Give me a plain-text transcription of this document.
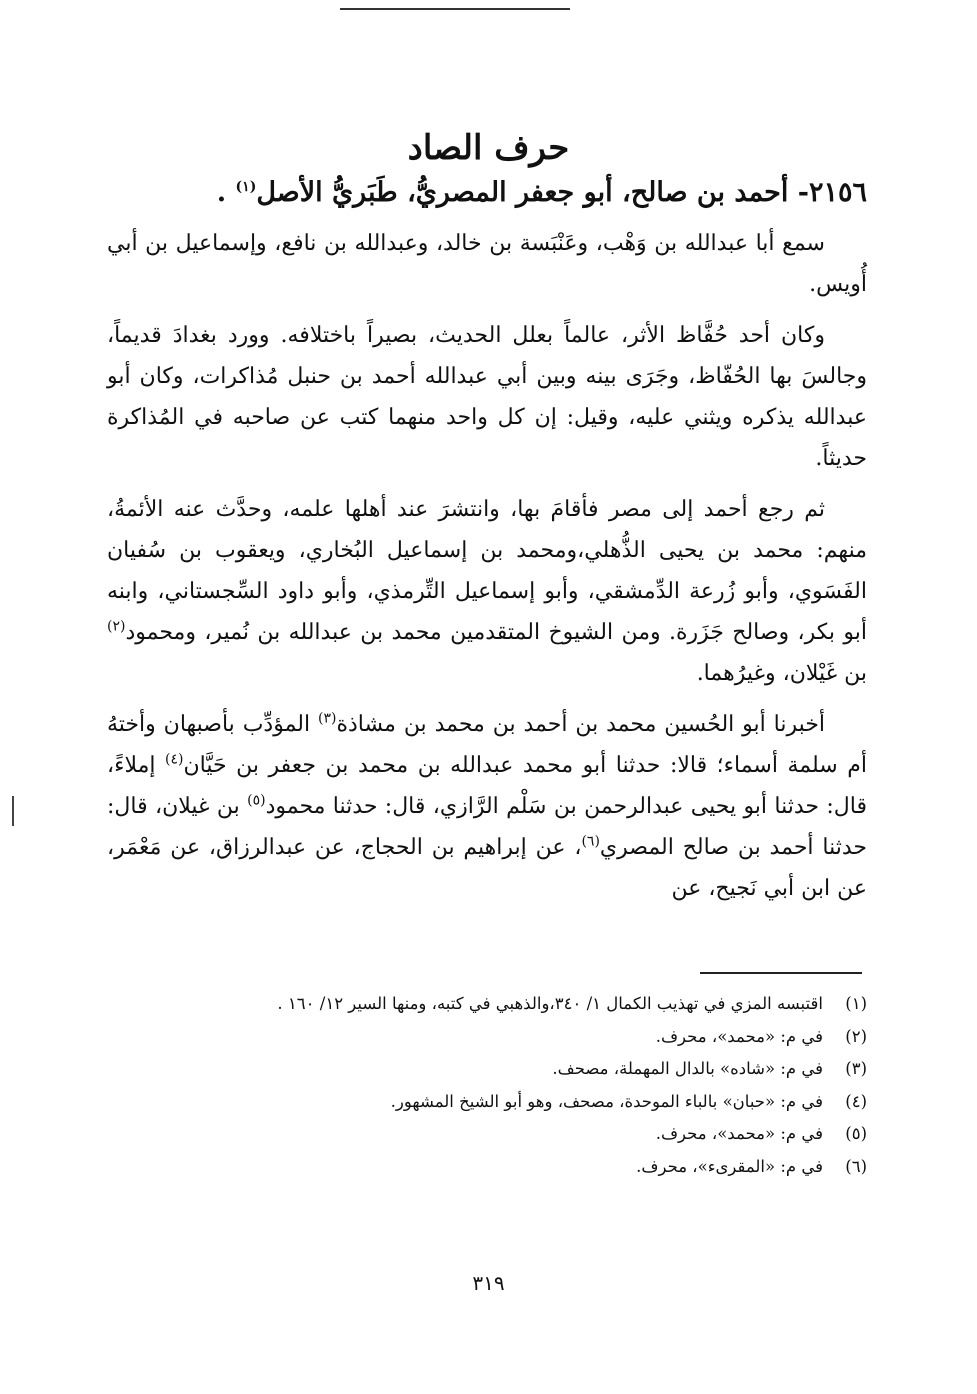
حرف الصاد
٢١٥٦- أحمد بن صالح، أبو جعفر المصريُّ، طَبَريُّ الأصل$^{(١)}$ .

سمع أبا عبدالله بن وَهْب، وعَنْبَسة بن خالد، وعبدالله بن نافع، وإسماعيل بن أبي أُويس.

وكان أحد حُفَّاظ الأثر، عالماً بعلل الحديث، بصيراً باختلافه. وورد بغدادَ قديماً، وجالسَ بها الحُفّاظ، وجَرَى بينه وبين أبي عبدالله أحمد بن حنبل مُذاكرات، وكان أبو عبدالله يذكره ويثني عليه، وقيل: إن كل واحد منهما كتب عن صاحبه في المُذاكرة حديثاً.

ثم رجع أحمد إلى مصر فأقامَ بها، وانتشرَ عند أهلها علمه، وحدَّث عنه الأئمةُ، منهم: محمد بن يحيى الذُّهلي،ومحمد بن إسماعيل البُخاري، ويعقوب بن سُفيان الفَسَوي، وأبو زُرعة الدِّمشقي، وأبو إسماعيل التِّرمذي، وأبو داود السِّجستاني، وابنه أبو بكر، وصالح جَزَرة. ومن الشيوخ المتقدمين محمد بن عبدالله بن نُمير، ومحمود$^{(٢)}$ بن غَيْلان، وغيرُهما.

أخبرنا أبو الحُسين محمد بن أحمد بن محمد بن مشاذة$^{(٣)}$ المؤدِّب بأصبهان وأختهُ أم سلمة أسماء؛ قالا: حدثنا أبو محمد عبدالله بن محمد بن جعفر بن حَيَّان$^{(٤)}$ إملاءً، قال: حدثنا أبو يحيى عبدالرحمن بن سَلْم الرَّازي، قال: حدثنا محمود$^{(٥)}$ بن غيلان، قال: حدثنا أحمد بن صالح المصري$^{(٦)}$، عن إبراهيم بن الحجاج، عن عبدالرزاق، عن مَعْمَر، عن ابن أبي نَجيح، عن

(١)اقتبسه المزي في تهذيب الكمال ١/ ٣٤٠،والذهبي في كتبه، ومنها السير ١٢/ ١٦٠ .
(٢)في م: «محمد»، محرف.
(٣)في م: «شاده» بالدال المهملة، مصحف.
(٤)في م: «حبان» بالباء الموحدة، مصحف، وهو أبو الشيخ المشهور.
(٥)في م: «محمد»، محرف.
(٦)في م: «المقرىء»، محرف.
٣١٩
